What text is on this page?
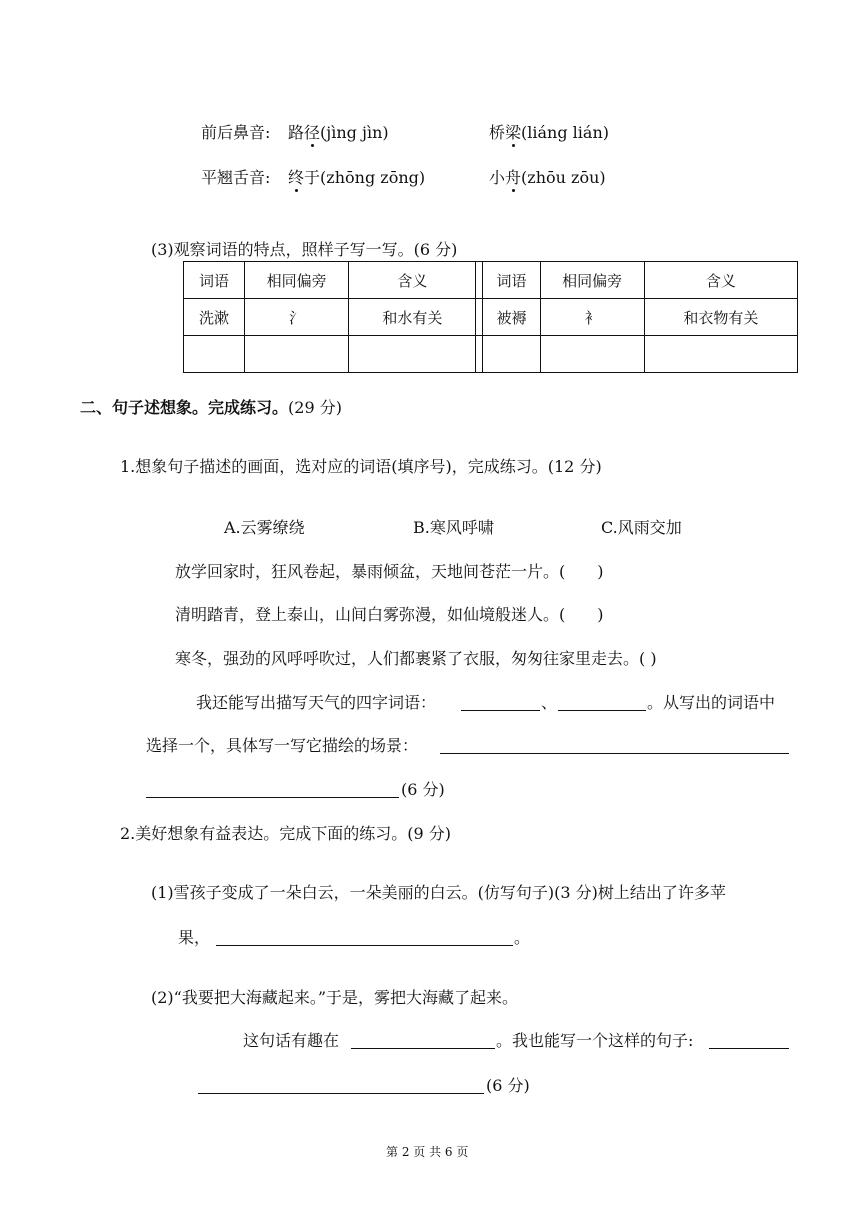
前后鼻音: 路径(jìng jìn)	桥梁(liáng lián)
平翘舌音: 终于(zhōng zōng)	小舟(zhōu zōu)
(3)观察词语的特点，照样子写一写。(6 分)
词语	相同偏旁	含义		词语	相同偏旁	含义
洗漱	氵	和水有关		被褥	衤	和衣物有关

二、句子述想象。完成练习。(29 分)
1.想象句子描述的画面，选对应的词语(填序号)，完成练习。(12 分)
A.云雾缭绕	B.寒风呼啸	C.风雨交加
放学回家时，狂风卷起，暴雨倾盆，天地间苍茫一片。(　　)
清明踏青，登上泰山，山间白雾弥漫，如仙境般迷人。(　　)
寒冬，强劲的风呼呼吹过，人们都裹紧了衣服，匆匆往家里走去。( )
我还能写出描写天气的四字词语：	、	。从写出的词语中
选择一个，具体写一写它描绘的场景：
(6 分)
2.美好想象有益表达。完成下面的练习。(9 分)
(1)雪孩子变成了一朵白云，一朵美丽的白云。(仿写句子)(3 分)树上结出了许多苹
果，	。
(2)“我要把大海藏起来。”于是，雾把大海藏了起来。
这句话有趣在	。我也能写一个这样的句子:
(6 分)
第 2 页 共 6 页
